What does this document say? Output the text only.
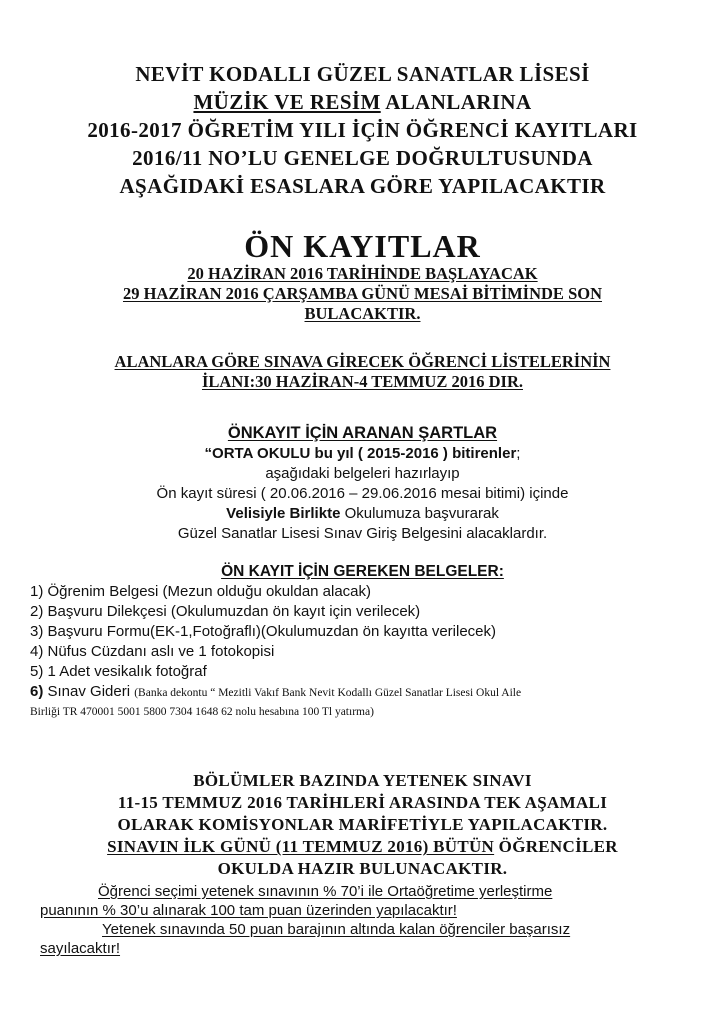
NEVİT KODALLI GÜZEL SANATLAR LİSESİ
MÜZİK VE RESİM ALANLARINA
2016-2017 ÖĞRETİM YILI İÇİN ÖĞRENCİ KAYITLARI
2016/11 NO’LU GENELGE DOĞRULTUSUNDA
AŞAĞIDAKİ ESASLARA GÖRE YAPILACAKTIR
ÖN KAYITLAR
20 HAZİRAN 2016 TARİHİNDE BAŞLAYACAK
29 HAZİRAN 2016 ÇARŞAMBA GÜNÜ MESAİ BİTİMİNDE SON
BULACAKTIR.
ALANLARA GÖRE SINAVA GİRECEK ÖĞRENCİ LİSTELERİNİN
İLANI:30 HAZİRAN-4 TEMMUZ 2016 DIR.
ÖNKAYIT İÇİN ARANAN ŞARTLAR
“ORTA OKULU bu yıl ( 2015-2016 ) bitirenler;
aşağıdaki belgeleri hazırlayıp
Ön kayıt süresi ( 20.06.2016 – 29.06.2016 mesai bitimi) içinde
Velisiyle Birlikte Okulumuza başvurarak
Güzel Sanatlar Lisesi Sınav Giriş Belgesini alacaklardır.
ÖN KAYIT İÇİN GEREKEN BELGELER:
1) Öğrenim Belgesi (Mezun olduğu okuldan alacak)
2) Başvuru Dilekçesi (Okulumuzdan ön kayıt için verilecek)
3) Başvuru Formu(EK-1,Fotoğraflı)(Okulumuzdan ön kayıtta verilecek)
4) Nüfus Cüzdanı aslı ve 1 fotokopisi
5) 1 Adet vesikalık fotoğraf
6) Sınav Gideri (Banka dekontu “ Mezitli Vakıf Bank Nevit Kodallı Güzel Sanatlar Lisesi Okul Aile
Birliği TR 470001 5001 5800 7304 1648 62 nolu hesabına 100 Tl yatırma)
BÖLÜMLER BAZINDA YETENEK SINAVI
11-15 TEMMUZ 2016 TARİHLERİ ARASINDA TEK AŞAMALI
OLARAK KOMİSYONLAR MARİFETİYLE YAPILACAKTIR.
SINAVIN İLK GÜNÜ (11 TEMMUZ 2016) BÜTÜN ÖĞRENCİLER
OKULDA HAZIR BULUNACAKTIR.
Öğrenci seçimi yetenek sınavının % 70’i ile Ortaöğretime yerleştirme
puanının % 30’u alınarak 100 tam puan üzerinden yapılacaktır!
Yetenek sınavında 50 puan barajının altında kalan öğrenciler başarısız
sayılacaktır!
